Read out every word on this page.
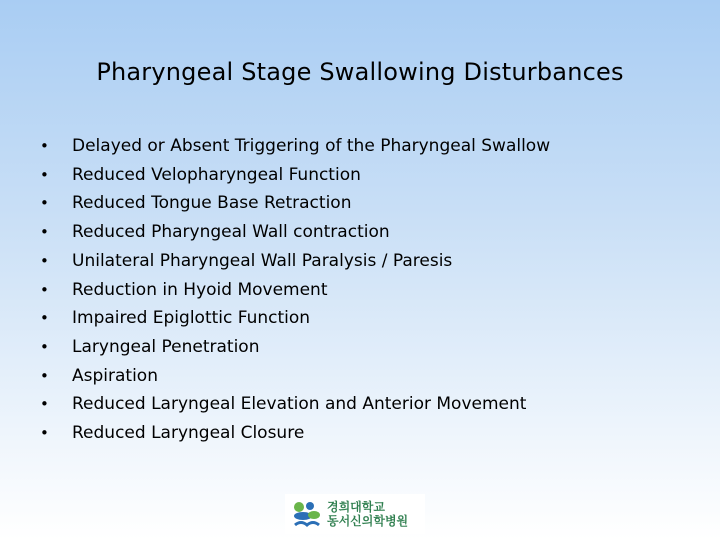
Pharyngeal Stage Swallowing Disturbances
•	Delayed or Absent Triggering of the Pharyngeal Swallow
•	Reduced Velopharyngeal Function
•	Reduced Tongue Base Retraction
•	Reduced Pharyngeal Wall contraction
•	Unilateral Pharyngeal Wall Paralysis / Paresis
•	Reduction in Hyoid Movement
•	Impaired Epiglottic Function
•	Laryngeal Penetration
•	Aspiration
•	Reduced Laryngeal Elevation and Anterior Movement
•	Reduced Laryngeal Closure
경희대학교
동서신의학병원
